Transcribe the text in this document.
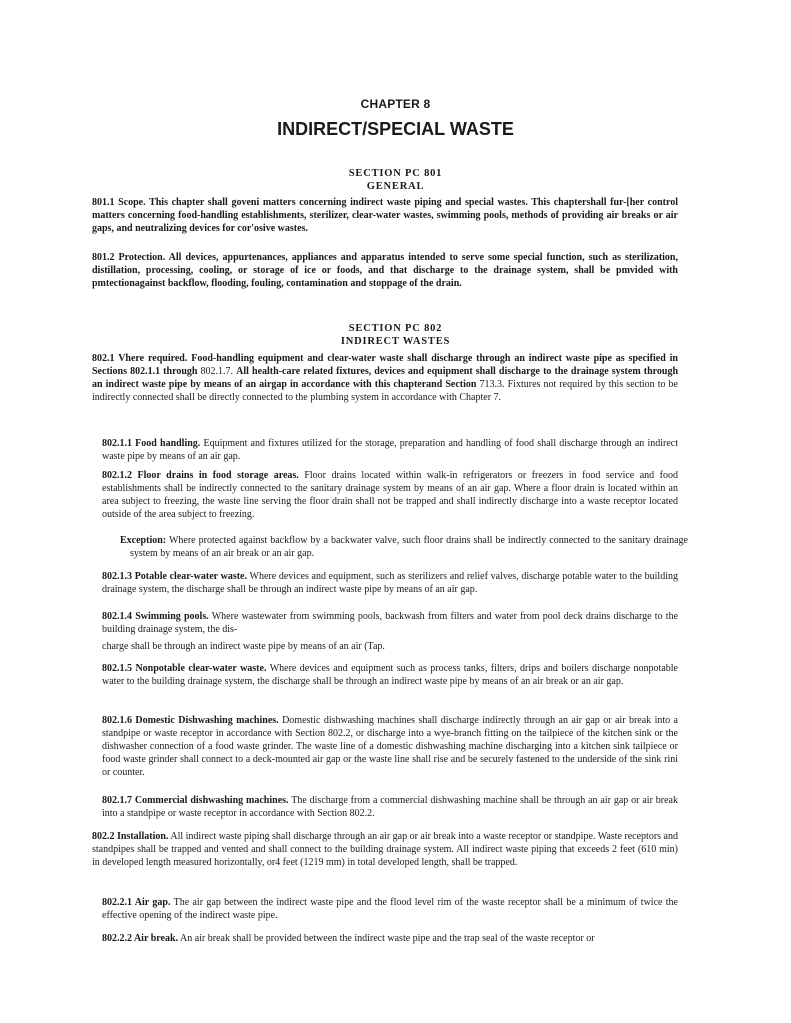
CHAPTER 8
INDIRECT/SPECIAL WASTE
SECTION PC 801
GENERAL

801.1 Scope. This chapter shall goveni matters concerning indirect waste piping and special wastes. This chaptershall fur-[her control matters concerning food-handling establishments, sterilizer, clear-water wastes, swimming pools, methods of providing air breaks or air gaps, and neutralizing devices for cor'osive wastes.

801.2 Protection. All devices, appurtenances, appliances and apparatus intended to serve some special function, such as sterilization, distillation, processing, cooling, or storage of ice or foods, and that discharge to the drainage system, shall be pmvided with pmtectionagainst backflow, flooding, fouling, contamination and stoppage of the drain.

SECTION PC 802
INDIRECT WASTES

802.1 Vhere required. Food-handling equipment and clear-water waste shall discharge through an indirect waste pipe as specified in Sections 802.1.1 through 802.1.7. All health-care related fixtures, devices and equipment shall discharge to the drainage system through an indirect waste pipe by means of an airgap in accordance with this chapterand Section 713.3. Fixtures not required by this section to be indirectly connected shall be directly connected to the plumbing system in accordance with Chapter 7.

802.1.1 Food handling. Equipment and fixtures utilized for the storage, preparation and handling of food shall discharge through an indirect waste pipe by means of an air gap.

802.1.2 Floor drains in food storage areas. Floor drains located within walk-in refrigerators or freezers in food service and food establishments shall be indirectly connected to the sanitary drainage system by means of an air gap. Where a floor drain is located within an area subject to freezing, the waste line serving the floor drain shall not be trapped and shall indirectly discharge into a waste receptor located outside of the area subject to freezing.

Exception: Where protected against backflow by a backwater valve, such floor drains shall be indirectly connected to the sanitary drainage system by means of an air break or an air gap.

802.1.3 Potable clear-water waste. Where devices and equipment, such as sterilizers and relief valves, discharge potable water to the building drainage system, the discharge shall be through an indirect waste pipe by means of an air gap.

802.1.4 Swimming pools. Where wastewater from swimming pools, backwash from filters and water from pool deck drains discharge to the building drainage system, the dis-

charge shall be through an indirect waste pipe by means of an air (Tap.

802.1.5 Nonpotable clear-water waste. Where devices and equipment such as process tanks, filters, drips and boilers discharge nonpotable water to the building drainage system, the discharge shall be through an indirect waste pipe by means of an air break or an air gap.

802.1.6 Domestic Dishwashing machines. Domestic dishwashing machines shall discharge indirectly through an air gap or air break into a standpipe or waste receptor in accordance with Section 802.2, or discharge into a wye-branch fitting on the tailpiece of the kitchen sink or the dishwasher connection of a food waste grinder. The waste line of a domestic dishwashing machine discharging into a kitchen sink tailpiece or food waste grinder shall connect to a deck-mounted air gap or the waste line shall rise and be securely fastened to the underside of the sink rini or counter.

802.1.7 Commercial dishwashing machines. The discharge from a commercial dishwashing machine shall be through an air gap or air break into a standpipe or waste receptor in accordance with Section 802.2.

802.2 Installation. All indirect waste piping shall discharge through an air gap or air break into a waste receptor or standpipe. Waste receptors and standpipes shall be trapped and vented and shall connect to the building drainage system. All indirect waste piping that exceeds 2 feet (610 min) in developed length measured horizontally, or4 feet (1219 mm) in total developed length, shall be trapped.

802.2.1 Air gap. The air gap between the indirect waste pipe and the flood level rim of the waste receptor shall be a minimum of twice the effective opening of the indirect waste pipe.

802.2.2 Air break. An air break shall be provided between the indirect waste pipe and the trap seal of the waste receptor or
